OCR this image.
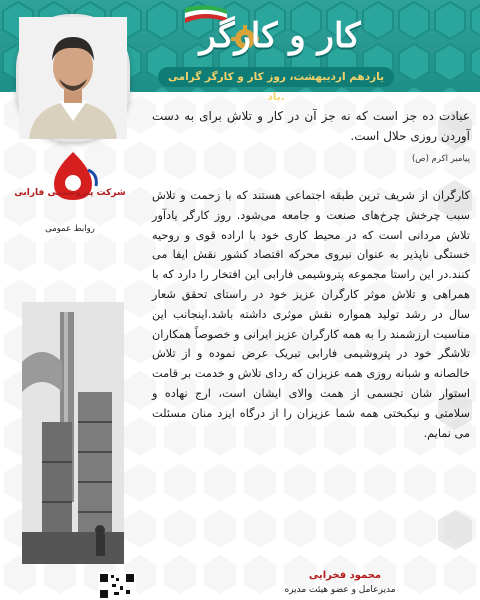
کار و کارگر
یازدهم اردیبهشت، روز کار و کارگر گرامی باد.
شرکت پتروشیمی فارابی
روابط عمومی

عبادت ده جز است که نه جز آن در کار و تلاش برای به دست آوردن روزی حلال است.

پیامبر اکرم (ص)

کارگران از شریف ترین طبقه اجتماعی هستند که با زحمت و تلاش سبب چرخش چرخ‌های صنعت و جامعه می‌شود. روز کارگر یادآور تلاش مردانی است که در محیط کاری خود با اراده قوی و روحیه خستگی ناپذیر به عنوان نیروی محرکه اقتصاد کشور نقش ایفا می کنند.در این راستا مجموعه پتروشیمی فارابی این افتخار را دارد که با همراهی و تلاش موثر کارگران عزیز خود در راستای تحقق شعار سال در رشد تولید همواره نقش موثری داشته باشد.اینجانب این مناسبت ارزشمند را به همه کارگران عزیز ایرانی و خصوصاً همکاران تلاشگر خود در پتروشیمی فارابی تبریک عرض نموده و از تلاش خالصانه و شبانه روزی همه عزیزان که ردای تلاش و خدمت بر قامت استوار شان تجسمی از همت والای ایشان است، ارج نهاده و سلامتی و نیکبختی همه شما عزیزان را از درگاه ایزد منان مسئلت می نمایم.

محمود فخرایی
مدیرعامل و عضو هیئت مدیره
